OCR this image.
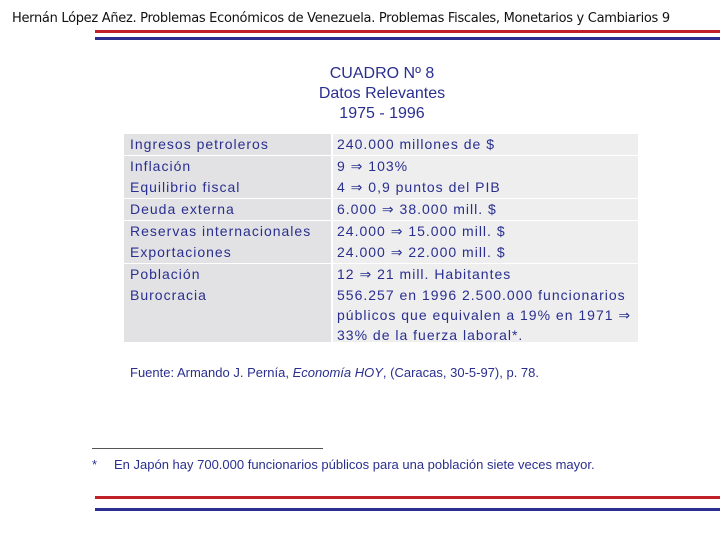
Hernán López Añez. Problemas Económicos de Venezuela. Problemas Fiscales, Monetarios y Cambiarios 9
CUADRO Nº 8
Datos Relevantes
1975 - 1996
Ingresos petroleros	240.000 millones de $
Inflación	9 ⇒ 103%
Equilibrio fiscal	4 ⇒ 0,9 puntos del PIB
Deuda externa	6.000 ⇒ 38.000 mill. $
Reservas internacionales	24.000 ⇒ 15.000 mill. $
Exportaciones	24.000 ⇒ 22.000 mill. $
Población	12 ⇒ 21 mill. Habitantes
Burocracia	556.257 en 1996 2.500.000 funcionarios públicos que equivalen a 19% en 1971 ⇒ 33% de la fuerza laboral*.
Fuente: Armando J. Pernía, Economía HOY, (Caracas, 30-5-97), p. 78.
* En Japón hay 700.000 funcionarios públicos para una población siete veces mayor.
